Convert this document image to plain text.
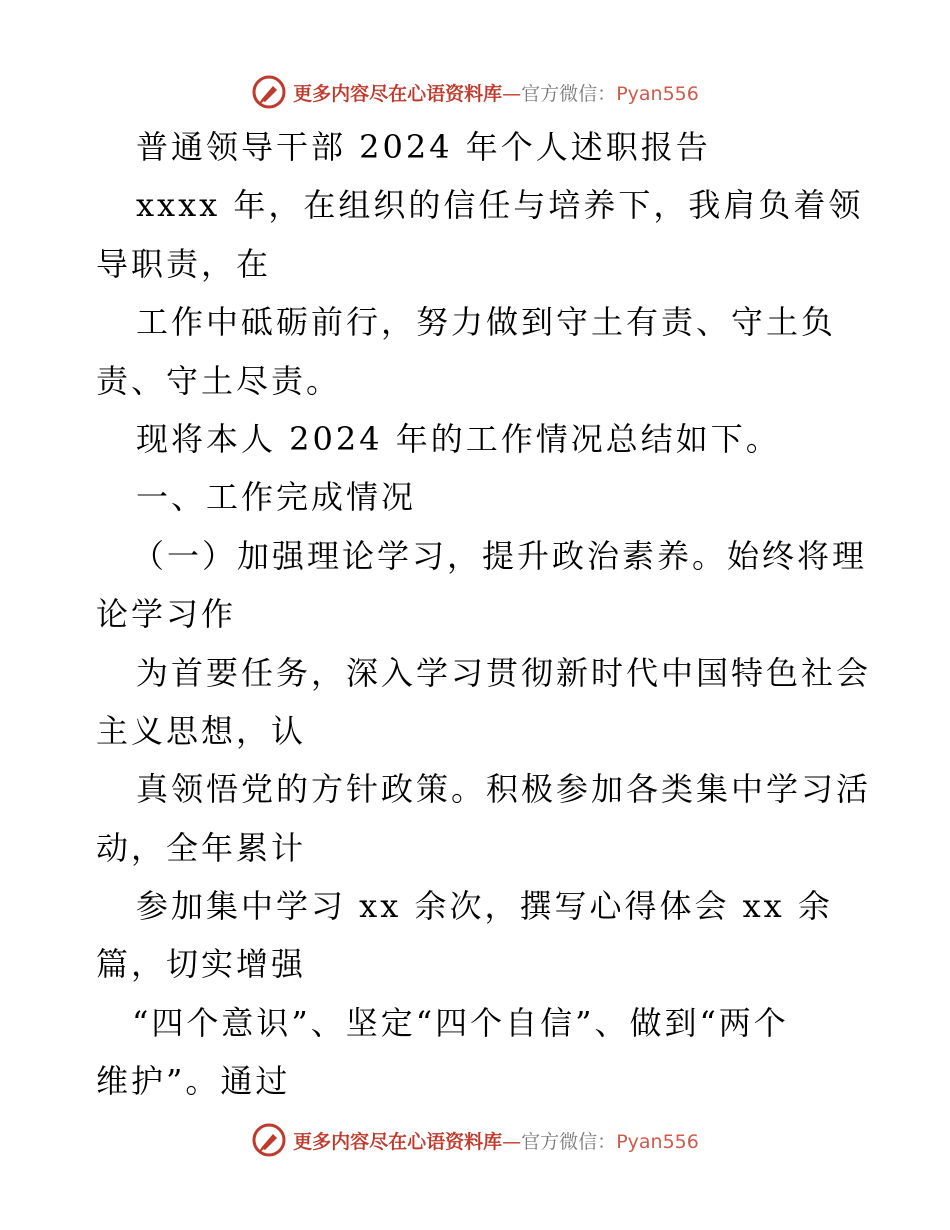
更多内容尽在心语资料库—官方微信：Pyan556
普通领导干部 2024 年个人述职报告
xxxx 年，在组织的信任与培养下，我肩负着领
导职责，在
工作中砥砺前行，努力做到守土有责、守土负
责、守土尽责。
现将本人 2024 年的工作情况总结如下。
一、工作完成情况
（一）加强理论学习，提升政治素养。始终将理
论学习作
为首要任务，深入学习贯彻新时代中国特色社会
主义思想，认
真领悟党的方针政策。积极参加各类集中学习活
动，全年累计
参加集中学习 xx 余次，撰写心得体会 xx 余
篇，切实增强
“四个意识”、坚定“四个自信”、做到“两个
维护”。通过
更多内容尽在心语资料库—官方微信：Pyan556
